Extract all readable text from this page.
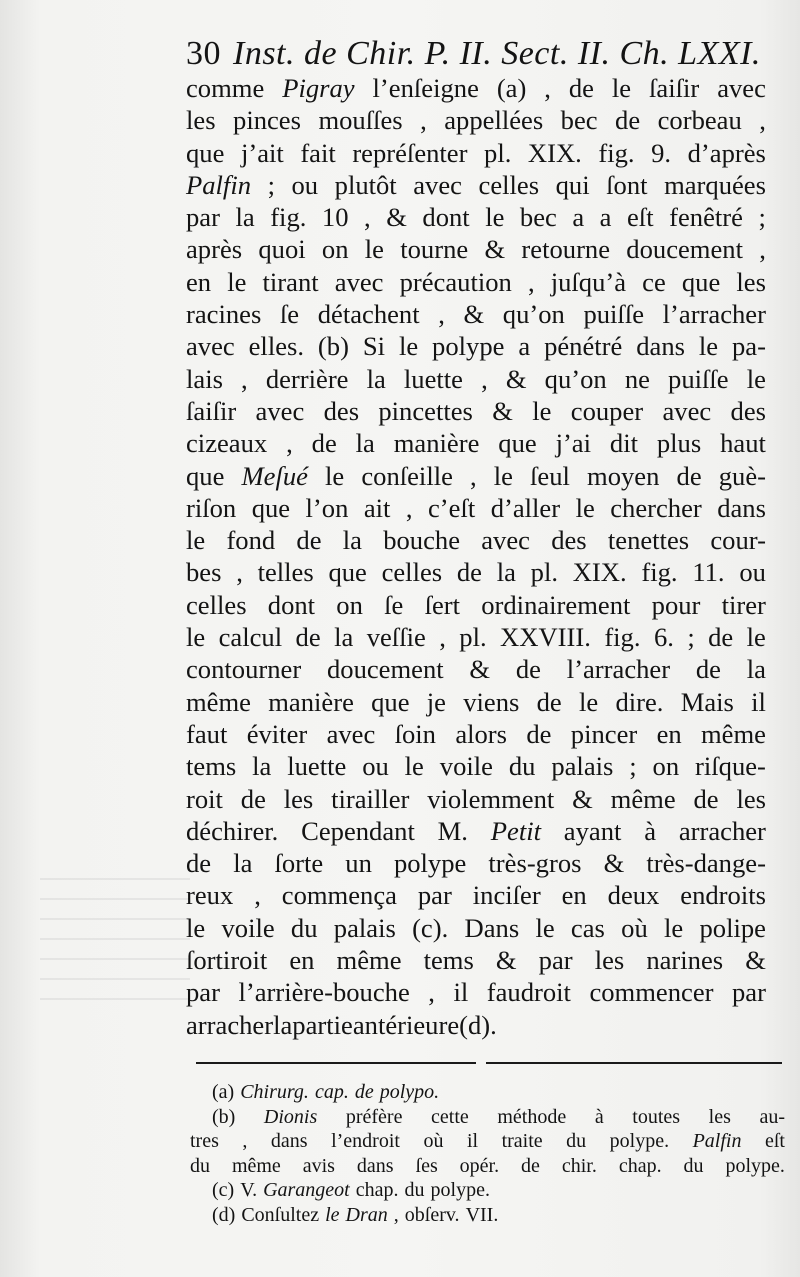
30 Inst. de Chir. P. II. Sect. II. Ch. LXXI.
comme Pigray l’enſeigne (a) , de le ſaiſir avec
les pinces mouſſes , appellées bec de corbeau ,
que j’ait fait repréſenter pl. XIX. fig. 9. d’après
Palfin ; ou plutôt avec celles qui ſont marquées
par la fig. 10 , & dont le bec a a eſt fenêtré ;
après quoi on le tourne & retourne doucement ,
en le tirant avec précaution , juſqu’à ce que les
racines ſe détachent , & qu’on puiſſe l’arracher
avec elles. (b) Si le polype a pénétré dans le pa-
lais , derrière la luette , & qu’on ne puiſſe le
ſaiſir avec des pincettes & le couper avec des
cizeaux , de la manière que j’ai dit plus haut
que Meſué le conſeille , le ſeul moyen de guè-
riſon que l’on ait , c’eſt d’aller le chercher dans
le fond de la bouche avec des tenettes cour-
bes , telles que celles de la pl. XIX. fig. 11. ou
celles dont on ſe ſert ordinairement pour tirer
le calcul de la veſſie , pl. XXVIII. fig. 6. ; de le
contourner doucement & de l’arracher de la
même manière que je viens de le dire. Mais il
faut éviter avec ſoin alors de pincer en même
tems la luette ou le voile du palais ; on riſque-
roit de les tirailler violemment & même de les
déchirer. Cependant M. Petit ayant à arracher
de la ſorte un polype très-gros & très-dange-
reux , commença par inciſer en deux endroits
le voile du palais (c). Dans le cas où le polipe
ſortiroit en même tems & par les narines &
par l’arrière-bouche , il faudroit commencer par
arracher la partie antérieure (d).
(a) Chirurg. cap. de polypo.
(b) Dionis préfère cette méthode à toutes les au-
tres , dans l’endroit où il traite du polype. Palfin eſt
du même avis dans ſes opér. de chir. chap. du polype.
(c) V. Garangeot chap. du polype.
(d) Conſultez le Dran , obſerv. VII.
